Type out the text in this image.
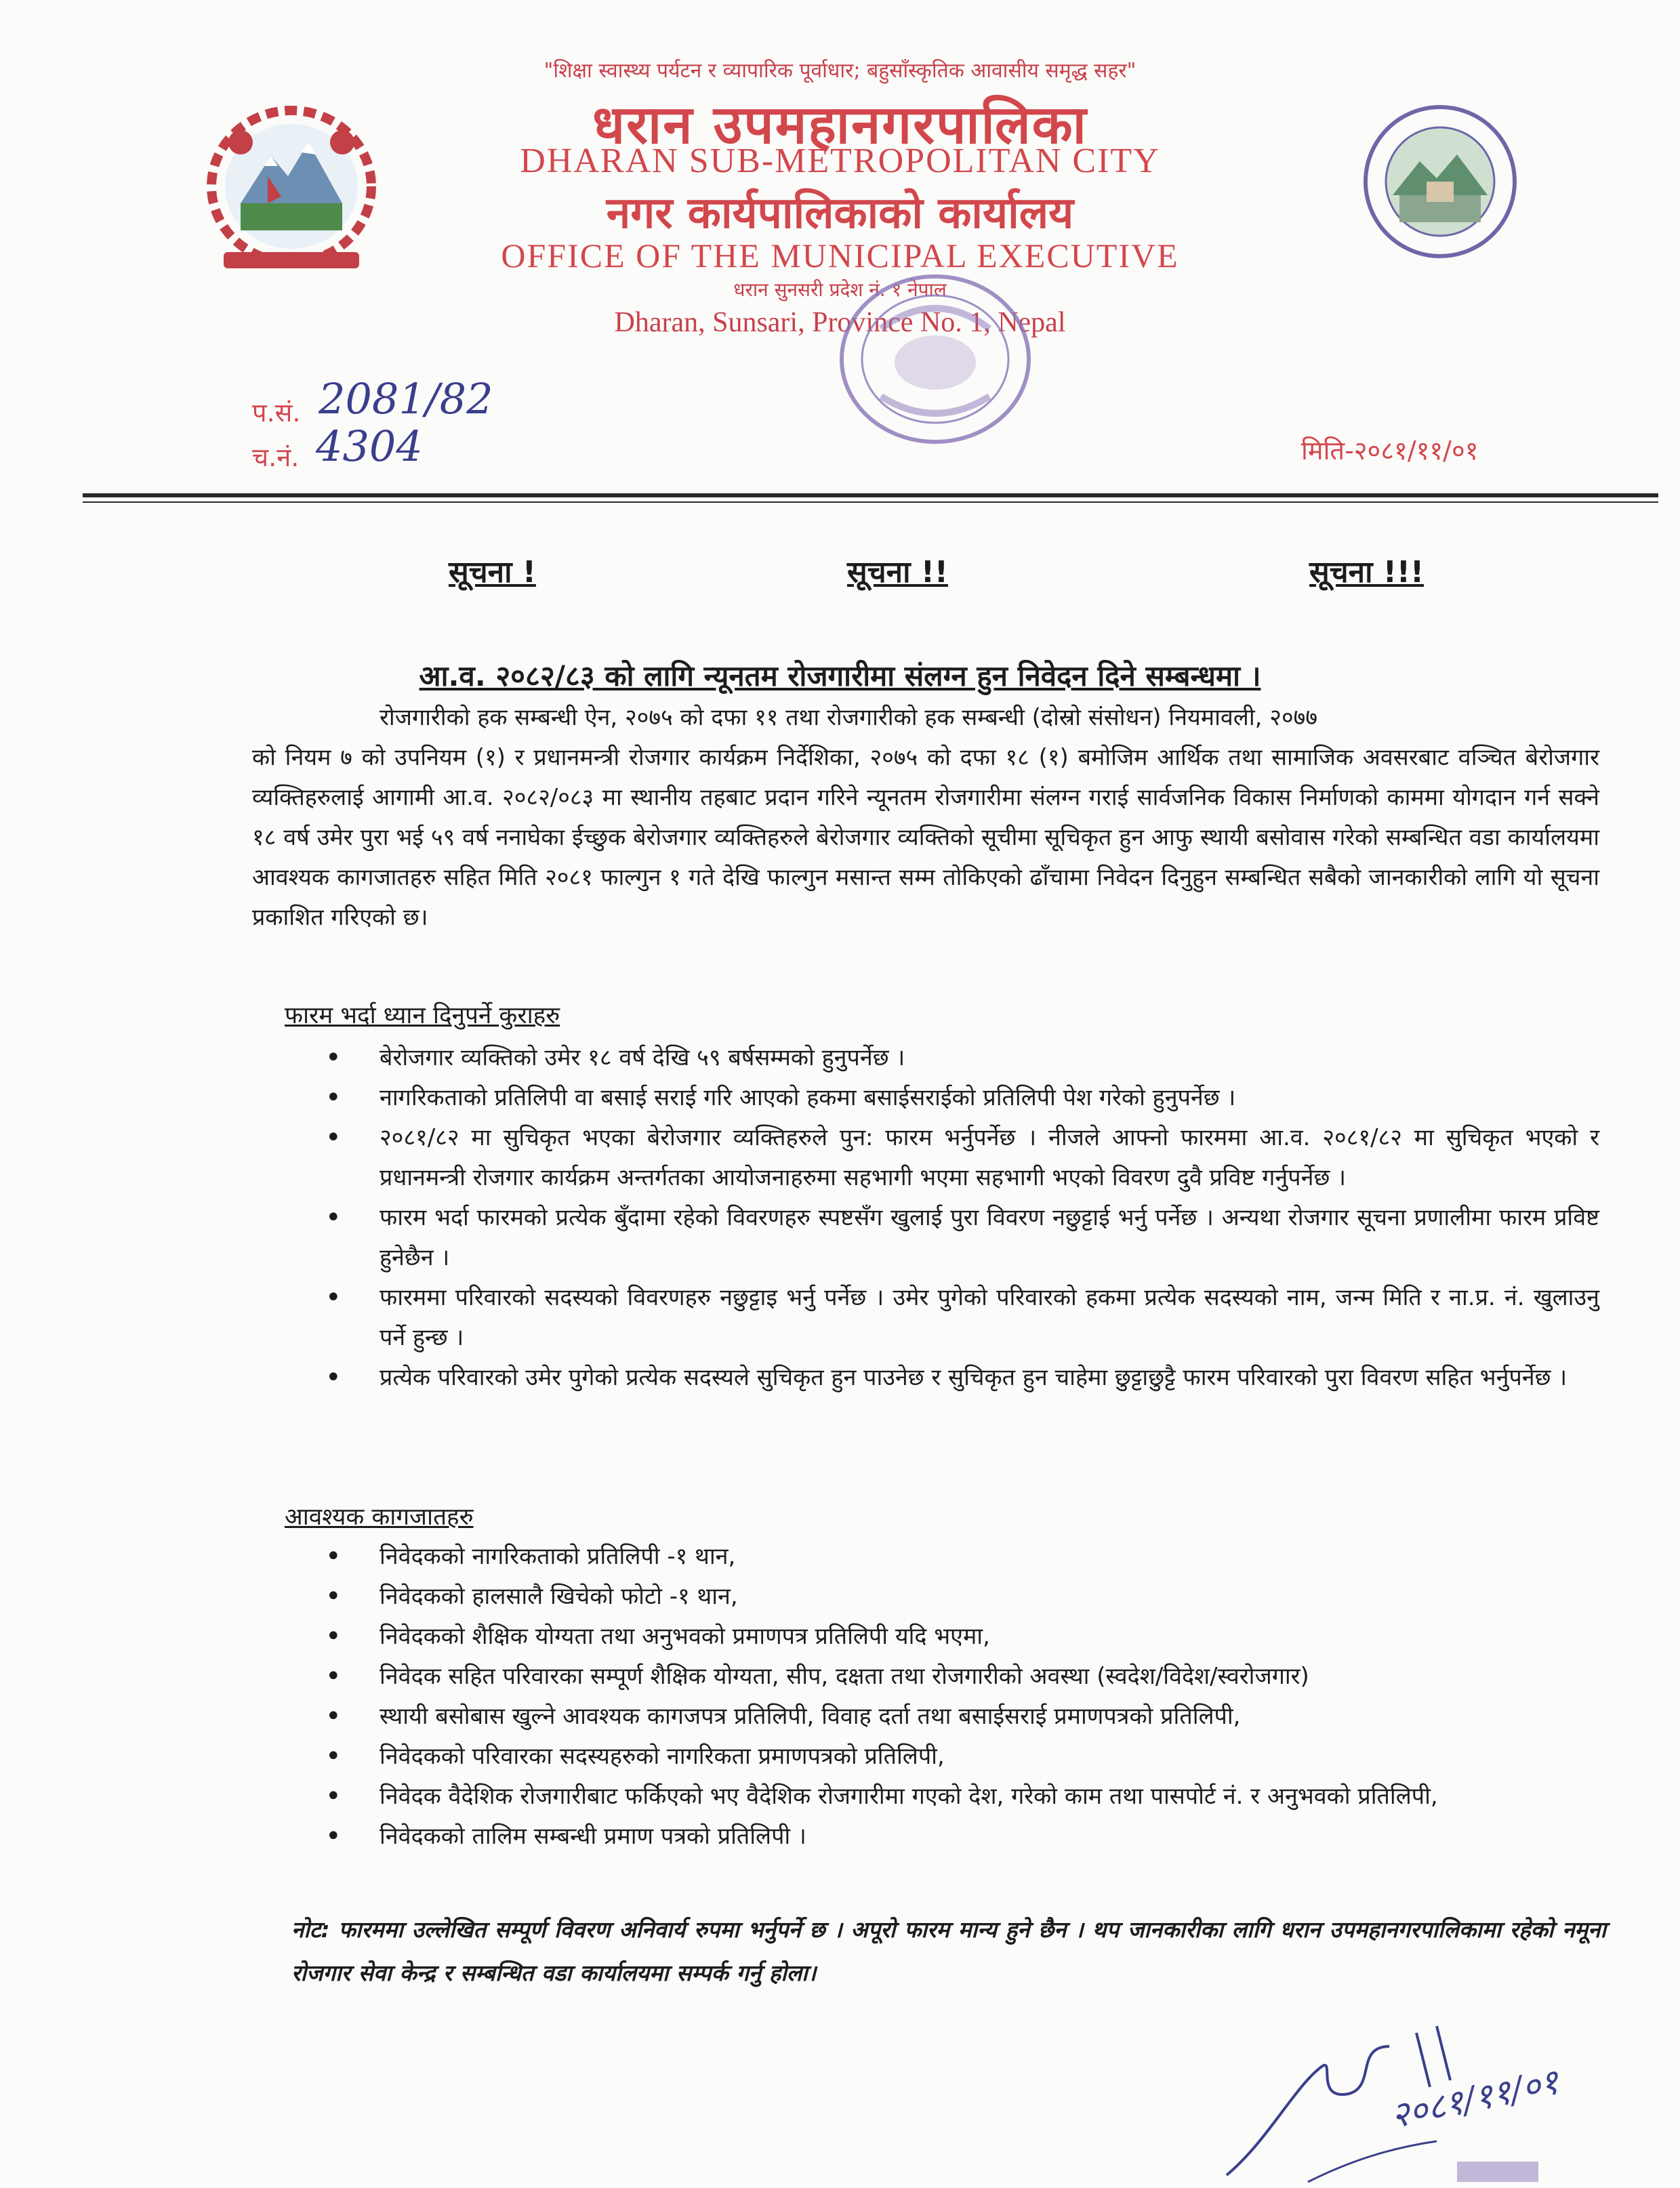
"शिक्षा स्वास्थ्य पर्यटन र व्यापारिक पूर्वाधार; बहुसाँस्कृतिक आवासीय समृद्ध सहर"
धरान उपमहानगरपालिका
DHARAN SUB-METROPOLITAN CITY
नगर कार्यपालिकाको कार्यालय
OFFICE OF THE MUNICIPAL EXECUTIVE
धरान सुनसरी प्रदेश नं. १ नेपाल
Dharan, Sunsari, Province No. 1, Nepal
प.सं. 2081/82
च.नं. 4304	मिति-२०८१/११/०१
सूचना !	सूचना !!	सूचना !!!
आ.व. २०८२/८३ को लागि न्यूनतम रोजगारीमा संलग्न हुन निवेदन दिने सम्बन्धमा ।
रोजगारीको हक सम्बन्धी ऐन, २०७५ को दफा ११ तथा रोजगारीको हक सम्बन्धी (दोस्रो संसोधन) नियमावली, २०७७
को नियम ७ को उपनियम (१) र प्रधानमन्त्री रोजगार कार्यक्रम निर्देशिका, २०७५ को दफा १८ (१) बमोजिम आर्थिक तथा सामाजिक अवसरबाट वञ्चित बेरोजगार व्यक्तिहरुलाई आगामी आ.व. २०८२/०८३ मा स्थानीय तहबाट प्रदान गरिने न्यूनतम रोजगारीमा संलग्न गराई सार्वजनिक विकास निर्माणको काममा योगदान गर्न सक्ने १८ वर्ष उमेर पुरा भई ५९ वर्ष ननाघेका ईच्छुक बेरोजगार व्यक्तिहरुले बेरोजगार व्यक्तिको सूचीमा सूचिकृत हुन आफु स्थायी बसोवास गरेको सम्बन्धित वडा कार्यालयमा आवश्यक कागजातहरु सहित मिति २०८१ फाल्गुन १ गते देखि फाल्गुन मसान्त सम्म तोकिएको ढाँचामा निवेदन दिनुहुन सम्बन्धित सबैको जानकारीको लागि यो सूचना प्रकाशित गरिएको छ।
फारम भर्दा ध्यान दिनुपर्ने कुराहरु
• बेरोजगार व्यक्तिको उमेर १८ वर्ष देखि ५९ बर्षसम्मको हुनुपर्नेछ ।
• नागरिकताको प्रतिलिपी वा बसाई सराई गरि आएको हकमा बसाईसराईको प्रतिलिपी पेश गरेको हुनुपर्नेछ ।
• २०८१/८२ मा सुचिकृत भएका बेरोजगार व्यक्तिहरुले पुन: फारम भर्नुपर्नेछ । नीजले आफ्नो फारममा आ.व. २०८१/८२ मा सुचिकृत भएको र प्रधानमन्त्री रोजगार कार्यक्रम अन्तर्गतका आयोजनाहरुमा सहभागी भएमा सहभागी भएको विवरण दुवै प्रविष्ट गर्नुपर्नेछ ।
• फारम भर्दा फारमको प्रत्येक बुँदामा रहेको विवरणहरु स्पष्टसँग खुलाई पुरा विवरण नछुट्टाई भर्नु पर्नेछ । अन्यथा रोजगार सूचना प्रणालीमा फारम प्रविष्ट हुनेछैन ।
• फारममा परिवारको सदस्यको विवरणहरु नछुट्टाइ भर्नु पर्नेछ । उमेर पुगेको परिवारको हकमा प्रत्येक सदस्यको नाम, जन्म मिति र ना.प्र. नं. खुलाउनु पर्ने हुन्छ ।
• प्रत्येक परिवारको उमेर पुगेको प्रत्येक सदस्यले सुचिकृत हुन पाउनेछ र सुचिकृत हुन चाहेमा छुट्टाछुट्टै फारम परिवारको पुरा विवरण सहित भर्नुपर्नेछ ।
आवश्यक कागजातहरु
• निवेदकको नागरिकताको प्रतिलिपी -१ थान,
• निवेदकको हालसालै खिचेको फोटो -१ थान,
• निवेदकको शैक्षिक योग्यता तथा अनुभवको प्रमाणपत्र प्रतिलिपी यदि भएमा,
• निवेदक सहित परिवारका सम्पूर्ण शैक्षिक योग्यता, सीप, दक्षता तथा रोजगारीको अवस्था (स्वदेश/विदेश/स्वरोजगार)
• स्थायी बसोबास खुल्ने आवश्यक कागजपत्र प्रतिलिपी, विवाह दर्ता तथा बसाईसराई प्रमाणपत्रको प्रतिलिपी,
• निवेदकको परिवारका सदस्यहरुको नागरिकता प्रमाणपत्रको प्रतिलिपी,
• निवेदक वैदेशिक रोजगारीबाट फर्किएको भए वैदेशिक रोजगारीमा गएको देश, गरेको काम तथा पासपोर्ट नं. र अनुभवको प्रतिलिपी,
• निवेदकको तालिम सम्बन्धी प्रमाण पत्रको प्रतिलिपी ।
नोट: फारममा उल्लेखित सम्पूर्ण विवरण अनिवार्य रुपमा भर्नुपर्ने छ । अपूरो फारम मान्य हुने छैन । थप जानकारीका लागि धरान उपमहानगरपालिकामा रहेको नमूना रोजगार सेवा केन्द्र र सम्बन्धित वडा कार्यालयमा सम्पर्क गर्नु होला।
२०८१/११/०१
